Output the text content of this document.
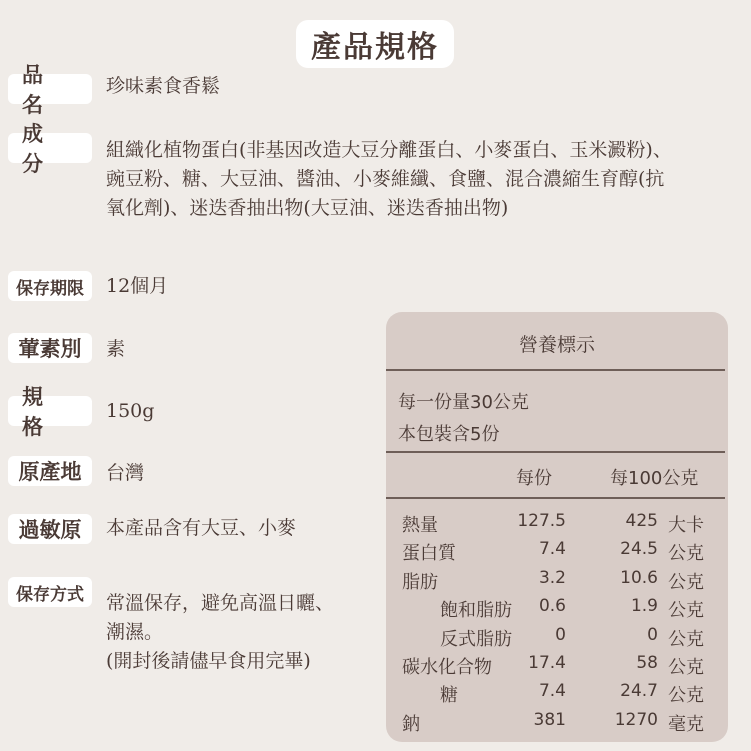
產品規格
品　名
珍味素食香鬆
成　分
組織化植物蛋白(非基因改造大豆分離蛋白、小麥蛋白、玉米澱粉)、
豌豆粉、糖、大豆油、醬油、小麥維纖、食鹽、混合濃縮生育醇(抗
氧化劑)、迷迭香抽出物(大豆油、迷迭香抽出物)
保存期限	12個月
葷素別	素
規　格
150g
原產地	台灣
過敏原	本產品含有大豆、小麥
保存方式	常溫保存，避免高溫日曬、
潮濕。
(開封後請儘早食用完畢)
營養標示
每一份量30公克
本包裝含5份
每份	每100公克
熱量	127.5	425 大卡
蛋白質	7.4	24.5 公克
脂肪	3.2	10.6 公克
飽和脂肪	0.6	1.9 公克
反式脂肪	0	0 公克
碳水化合物	17.4	58 公克
糖	7.4	24.7 公克
鈉	381	1270 毫克
